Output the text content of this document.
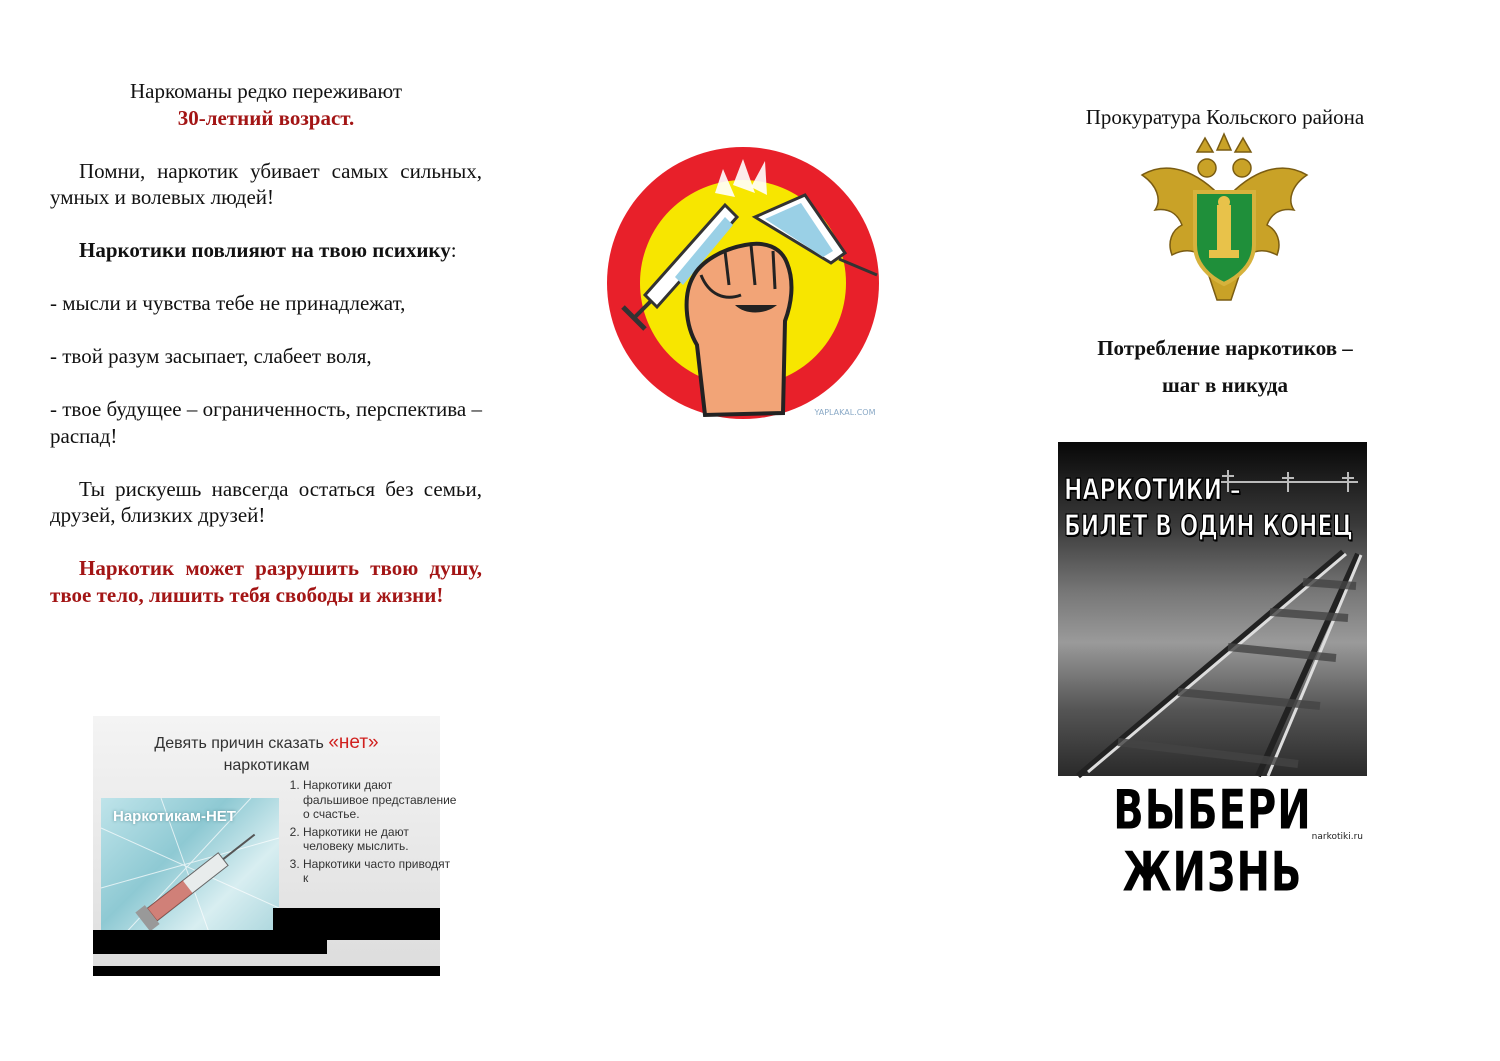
Наркоманы редко переживают
30-летний возраст.

Помни, наркотик убивает самых сильных, умных и волевых людей!

Наркотики повлияют на твою психику:

- мысли и чувства тебе не принадлежат,

- твой разум засыпает, слабеет воля,

- твое будущее – ограниченность, перспектива – распад!

Ты рискуешь навсегда остаться без семьи, друзей, близких друзей!

Наркотик может разрушить твою душу, твое тело, лишить тебя свободы и жизни!

Девять причин сказать «нет»
наркотикам
Наркотикам-НЕТ
1. Наркотики дают фальшивое представление о счастье.
2. Наркотики не дают человеку мыслить.
3. Наркотики часто приводят к
YAPLAKAL.COM
Прокуратура Кольского района
Потребление наркотиков –
шаг в никуда
НАРКОТИКИ –
БИЛЕТ В ОДИН КОНЕЦ
ВЫБЕРИ ЖИЗНЬ
narkotiki.ru
